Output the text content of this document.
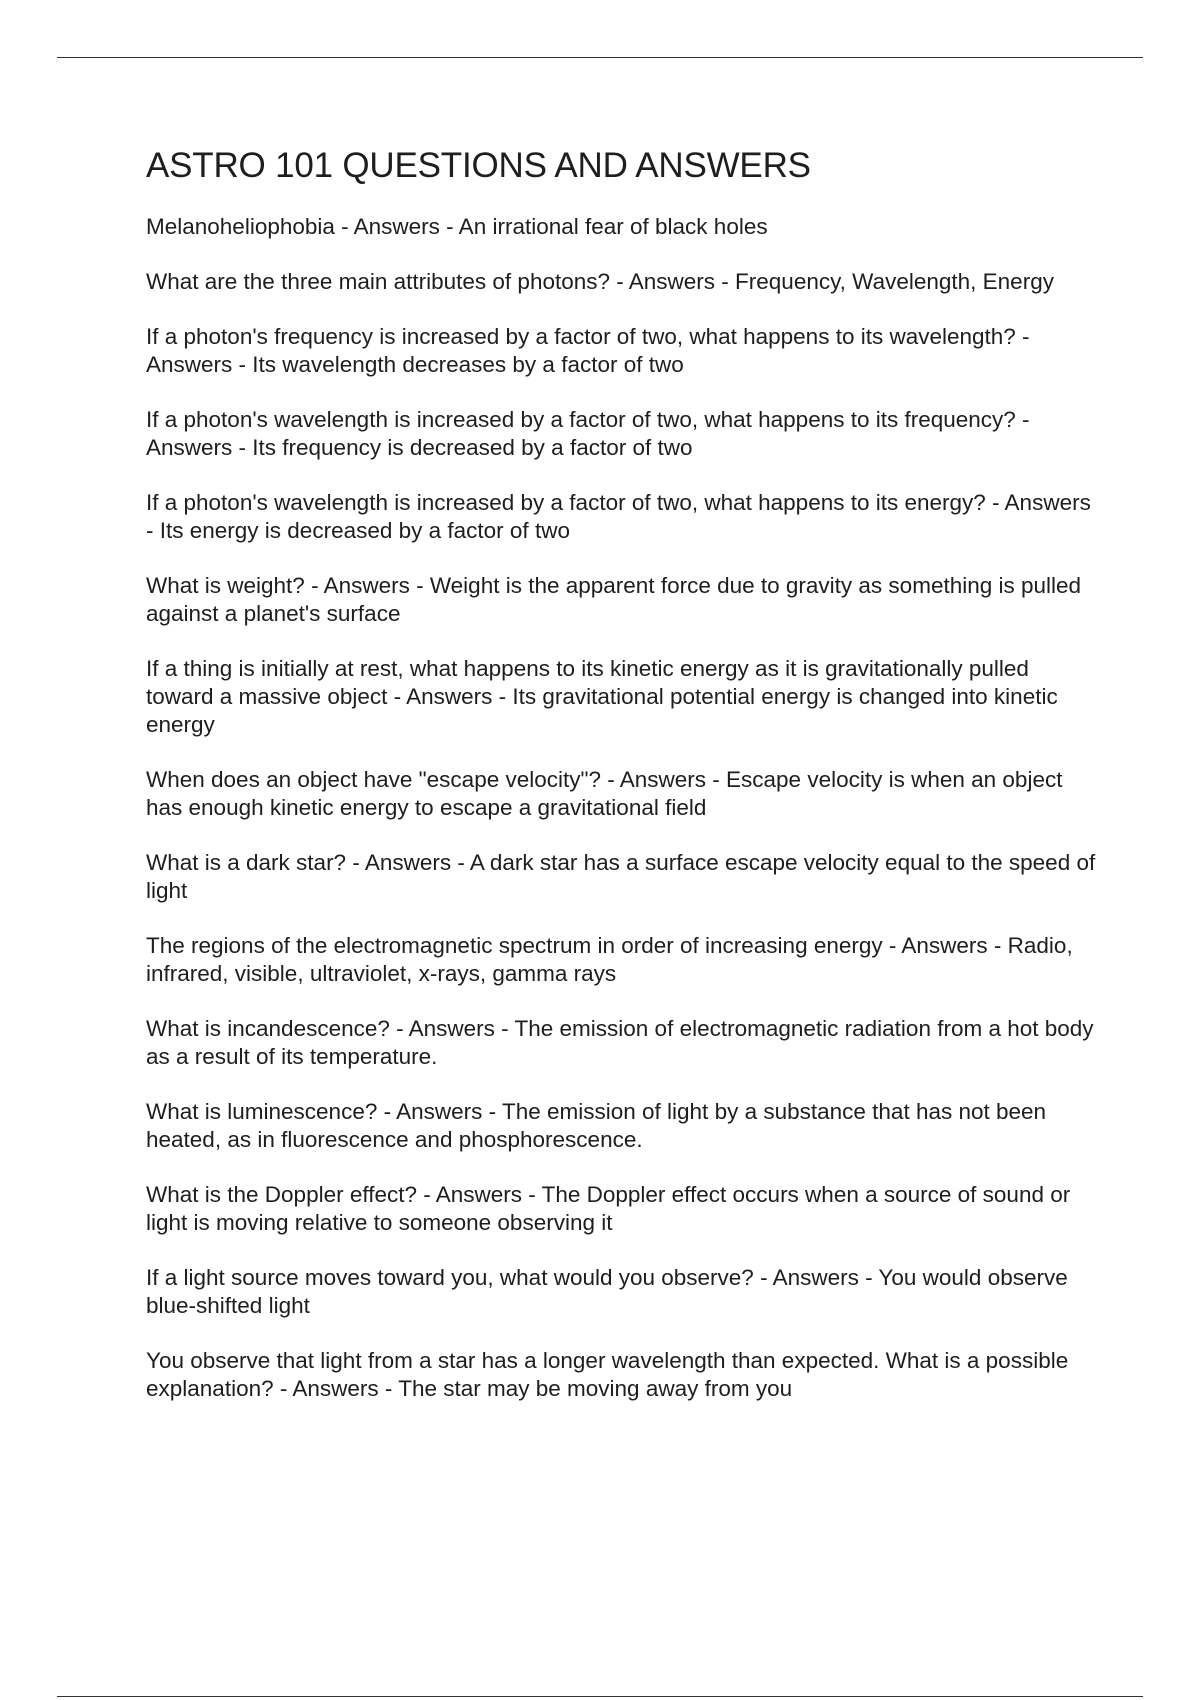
ASTRO 101 QUESTIONS AND ANSWERS
Melanoheliophobia - Answers - An irrational fear of black holes
What are the three main attributes of photons? - Answers - Frequency, Wavelength, Energy
If a photon's frequency is increased by a factor of two, what happens to its wavelength? - Answers - Its wavelength decreases by a factor of two
If a photon's wavelength is increased by a factor of two, what happens to its frequency? - Answers - Its frequency is decreased by a factor of two
If a photon's wavelength is increased by a factor of two, what happens to its energy? - Answers - Its energy is decreased by a factor of two
What is weight? - Answers - Weight is the apparent force due to gravity as something is pulled against a planet's surface
If a thing is initially at rest, what happens to its kinetic energy as it is gravitationally pulled toward a massive object - Answers - Its gravitational potential energy is changed into kinetic energy
When does an object have "escape velocity"? - Answers - Escape velocity is when an object has enough kinetic energy to escape a gravitational field
What is a dark star? - Answers - A dark star has a surface escape velocity equal to the speed of light
The regions of the electromagnetic spectrum in order of increasing energy - Answers - Radio, infrared, visible, ultraviolet, x-rays, gamma rays
What is incandescence? - Answers - The emission of electromagnetic radiation from a hot body as a result of its temperature.
What is luminescence? - Answers - The emission of light by a substance that has not been heated, as in fluorescence and phosphorescence.
What is the Doppler effect? - Answers - The Doppler effect occurs when a source of sound or light is moving relative to someone observing it
If a light source moves toward you, what would you observe? - Answers - You would observe blue-shifted light
You observe that light from a star has a longer wavelength than expected. What is a possible explanation? - Answers - The star may be moving away from you
